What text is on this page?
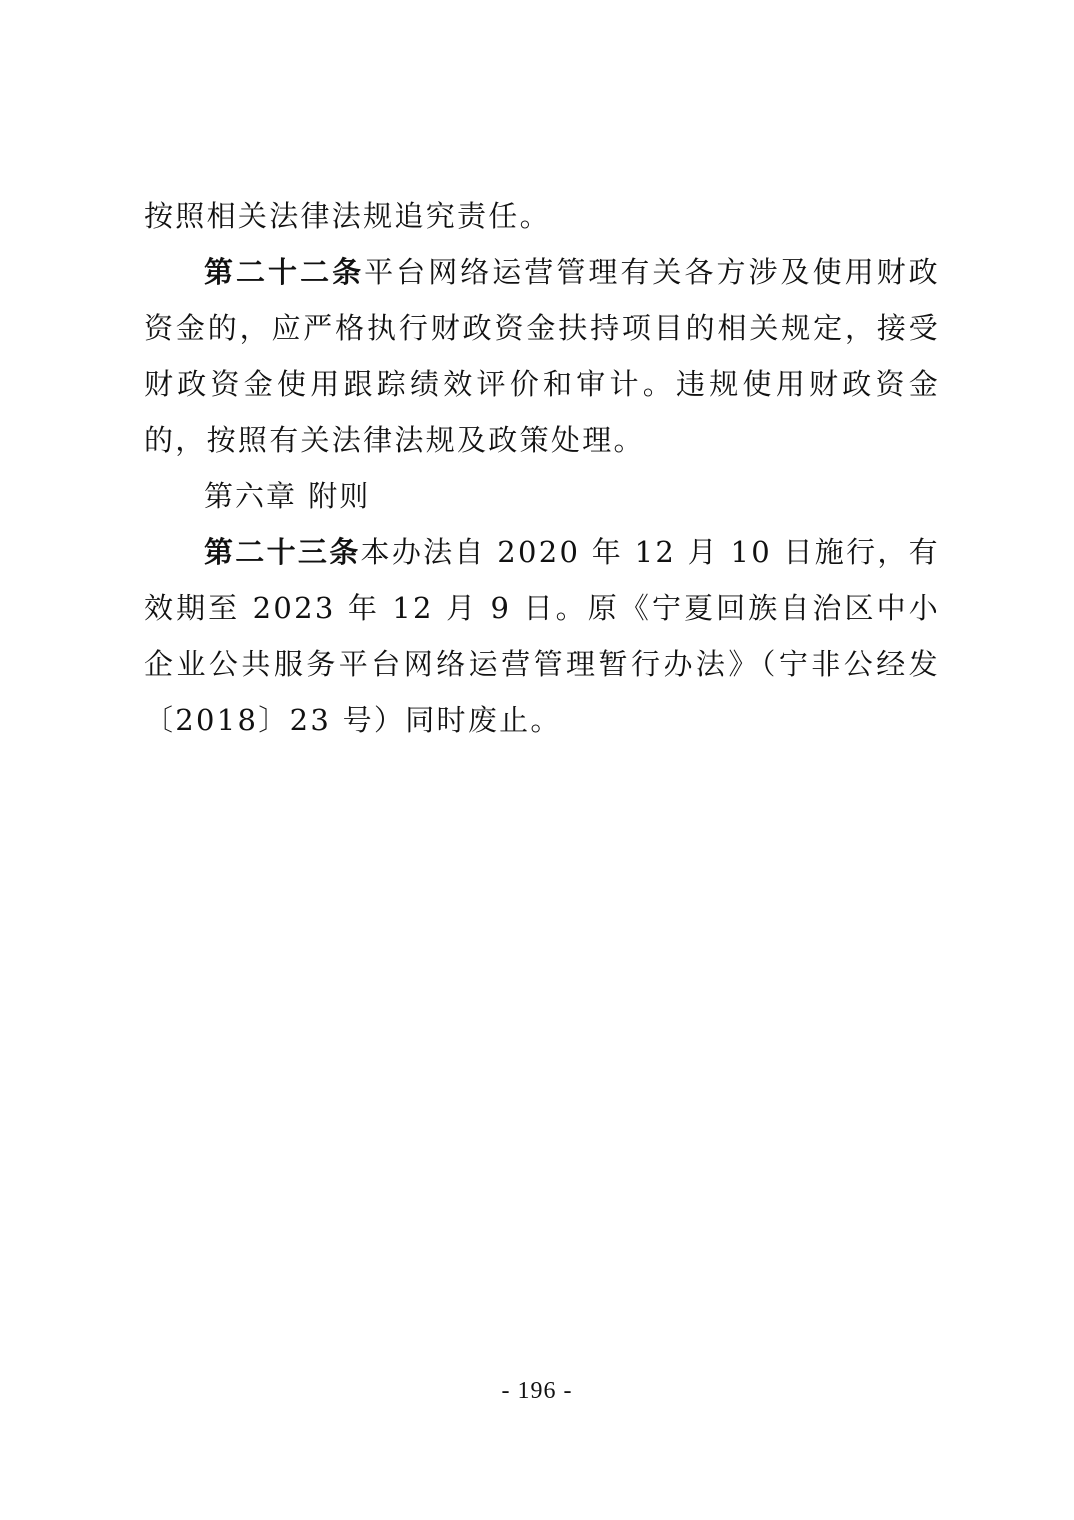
按照相关法律法规追究责任。

第二十二条平台网络运营管理有关各方涉及使用财政资金的，应严格执行财政资金扶持项目的相关规定，接受财政资金使用跟踪绩效评价和审计。违规使用财政资金的，按照有关法律法规及政策处理。

第六章 附则

第二十三条本办法自 2020 年 12 月 10 日施行，有效期至 2023 年 12 月 9 日。原《宁夏回族自治区中小企业公共服务平台网络运营管理暂行办法》（宁非公经发〔2018〕23 号）同时废止。

- 196 -
